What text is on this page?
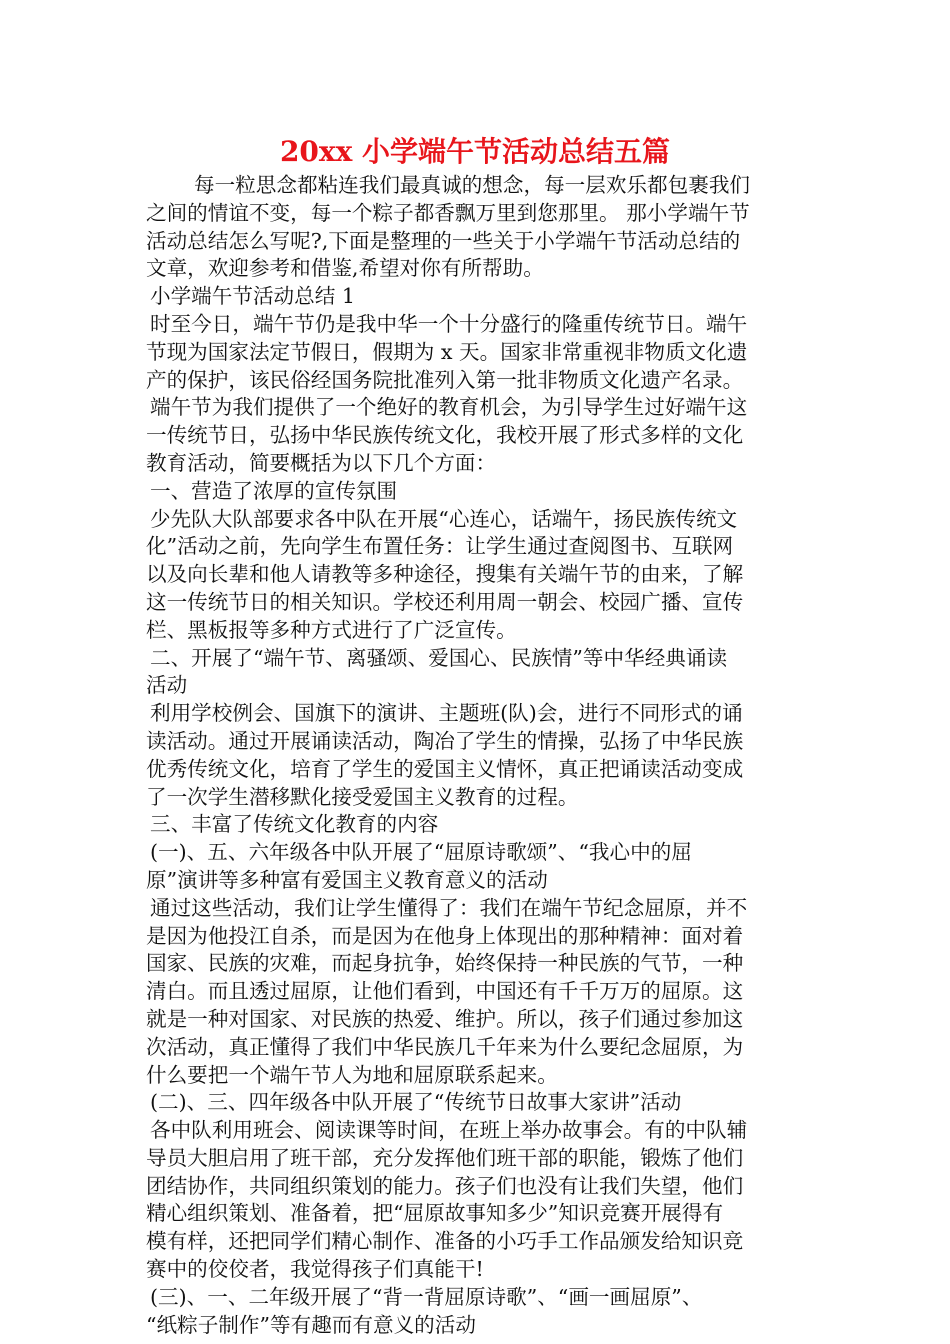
20xx 小学端午节活动总结五篇
每一粒思念都粘连我们最真诚的想念，每一层欢乐都包裹我们
之间的情谊不变，每一个粽子都香飘万里到您那里。 那小学端午节
活动总结怎么写呢?,下面是整理的一些关于小学端午节活动总结的
文章，欢迎参考和借鉴,希望对你有所帮助。
小学端午节活动总结 1
时至今日，端午节仍是我中华一个十分盛行的隆重传统节日。端午
节现为国家法定节假日，假期为 x 天。国家非常重视非物质文化遗
产的保护，该民俗经国务院批准列入第一批非物质文化遗产名录。
端午节为我们提供了一个绝好的教育机会，为引导学生过好端午这
一传统节日，弘扬中华民族传统文化，我校开展了形式多样的文化
教育活动，简要概括为以下几个方面：
一、营造了浓厚的宣传氛围
少先队大队部要求各中队在开展“心连心，话端午，扬民族传统文
化”活动之前，先向学生布置任务：让学生通过查阅图书、互联网
以及向长辈和他人请教等多种途径，搜集有关端午节的由来，了解
这一传统节日的相关知识。学校还利用周一朝会、校园广播、宣传
栏、黑板报等多种方式进行了广泛宣传。
二、开展了“端午节、离骚颂、爱国心、民族情”等中华经典诵读
活动
利用学校例会、国旗下的演讲、主题班(队)会，进行不同形式的诵
读活动。通过开展诵读活动，陶冶了学生的情操，弘扬了中华民族
优秀传统文化，培育了学生的爱国主义情怀，真正把诵读活动变成
了一次学生潜移默化接受爱国主义教育的过程。
三、丰富了传统文化教育的内容
(一)、五、六年级各中队开展了“屈原诗歌颂”、“我心中的屈
原”演讲等多种富有爱国主义教育意义的活动
通过这些活动，我们让学生懂得了：我们在端午节纪念屈原，并不
是因为他投江自杀，而是因为在他身上体现出的那种精神：面对着
国家、民族的灾难，而起身抗争，始终保持一种民族的气节，一种
清白。而且透过屈原，让他们看到，中国还有千千万万的屈原。这
就是一种对国家、对民族的热爱、维护。所以，孩子们通过参加这
次活动，真正懂得了我们中华民族几千年来为什么要纪念屈原，为
什么要把一个端午节人为地和屈原联系起来。
(二)、三、四年级各中队开展了“传统节日故事大家讲”活动
各中队利用班会、阅读课等时间，在班上举办故事会。有的中队辅
导员大胆启用了班干部，充分发挥他们班干部的职能，锻炼了他们
团结协作，共同组织策划的能力。孩子们也没有让我们失望，他们
精心组织策划、准备着，把“屈原故事知多少”知识竞赛开展得有
模有样，还把同学们精心制作、准备的小巧手工作品颁发给知识竞
赛中的佼佼者，我觉得孩子们真能干!
(三)、一、二年级开展了“背一背屈原诗歌”、“画一画屈原”、
“纸粽子制作”等有趣而有意义的活动
